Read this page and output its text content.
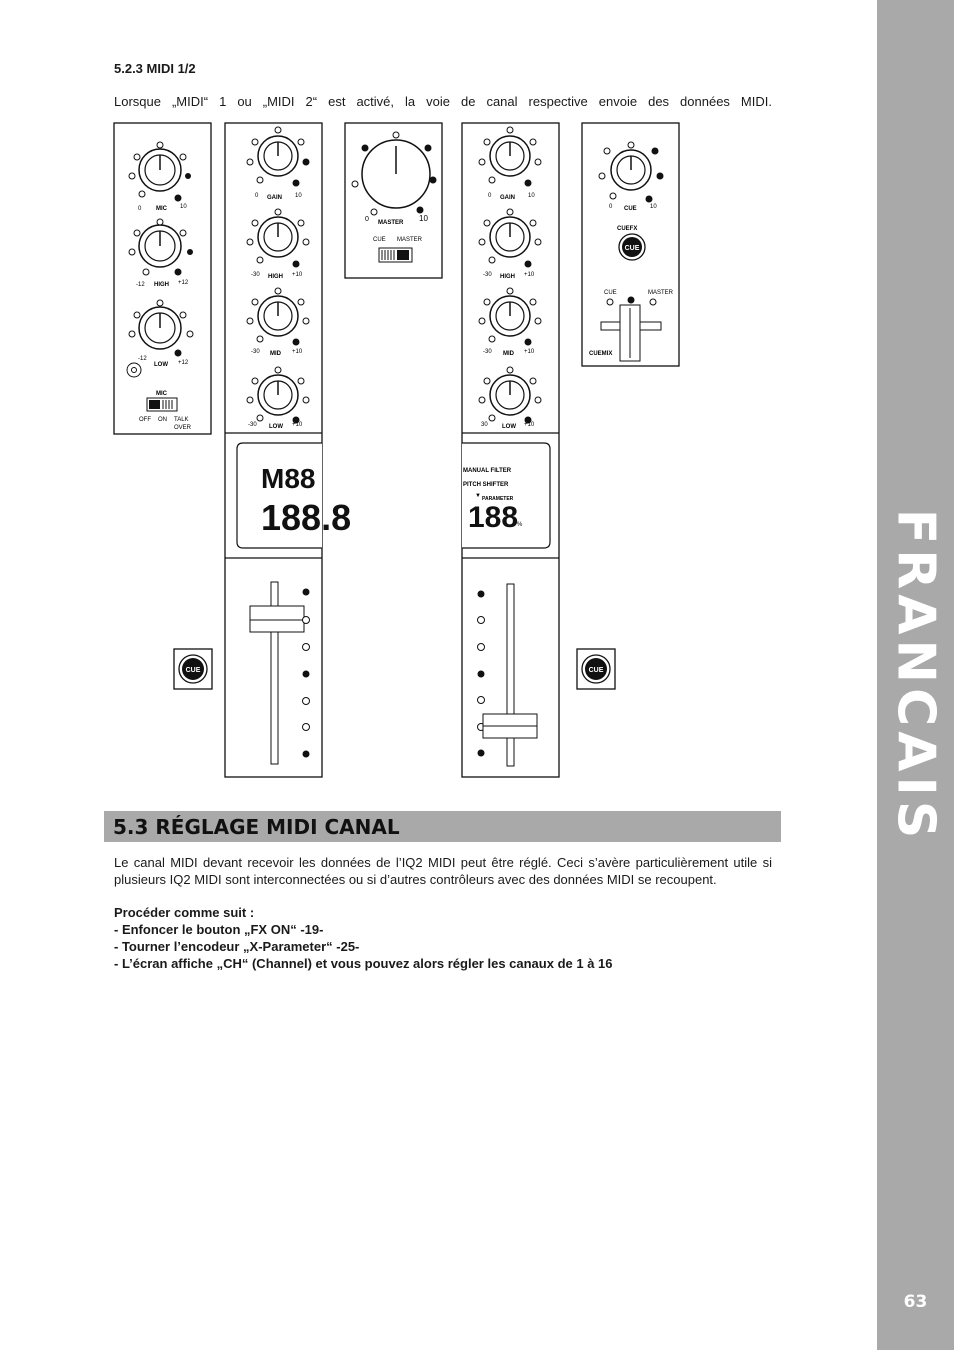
FRANCAIS
63
5.2.3 MIDI 1/2
Lorsque „MIDI“ 1 ou „MIDI 2“ est activé, la voie de canal respective envoie des données MIDI.
0 MIC 10
-12 HIGH +12
-12
LOW +12
MIC
OFF ON TALK
OVER
0 GAIN 10
-30 HIGH +10
-30 MID +10
-30 LOW +10
M88
188.8
0 MASTER 10
CUE MASTER
0 GAIN 10
-30 HIGH +10
-30 MID +10
30 LOW +10
MANUAL FILTER
PITCH SHIFTER
▼ PARAMETER
188
%
0 CUE 10
CUEFX
CUE
CUE	MASTER
CUEMIX
CUE	CUE
5.3 RÉGLAGE MIDI CANAL
Le canal MIDI devant recevoir les données de l’IQ2 MIDI peut être réglé. Ceci s’avère particulièrement utile si plusieurs IQ2 MIDI sont interconnectées ou si d’autres contrôleurs avec des données MIDI se recoupent.
Procéder comme suit :
- Enfoncer le bouton „FX ON“ -19-
- Tourner l’encodeur „X-Parameter“ -25-
- L’écran affiche „CH“ (Channel) et vous pouvez alors régler les canaux de 1 à 16
